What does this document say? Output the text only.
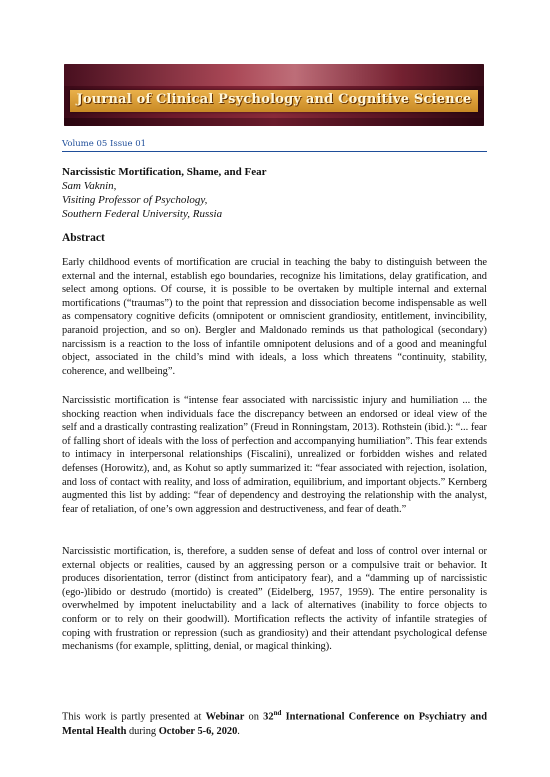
Journal of Clinical Psychology and Cognitive Science
Volume 05 Issue 01
Narcissistic Mortification, Shame, and Fear
Sam Vaknin,
Visiting Professor of Psychology,
Southern Federal University, Russia
Abstract

Early childhood events of mortification are crucial in teaching the baby to distinguish between the external and the internal, establish ego boundaries, recognize his limitations, delay gratification, and select among options. Of course, it is possible to be overtaken by multiple internal and external mortifications (“traumas”) to the point that repression and dissociation become indispensable as well as compensatory cognitive deficits (omnipotent or omniscient grandiosity, entitlement, invincibility, paranoid projection, and so on). Bergler and Maldonado reminds us that pathological (secondary) narcissism is a reaction to the loss of infantile omnipotent delusions and of a good and meaningful object, associated in the child’s mind with ideals, a loss which threatens “continuity, stability, coherence, and wellbeing”.

Narcissistic mortification is “intense fear associated with narcissistic injury and humiliation ... the shocking reaction when individuals face the discrepancy between an endorsed or ideal view of the self and a drastically contrasting realization” (Freud in Ronningstam, 2013). Rothstein (ibid.): “... fear of falling short of ideals with the loss of perfection and accompanying humiliation”. This fear extends to intimacy in interpersonal relationships (Fiscalini), unrealized or forbidden wishes and related defenses (Horowitz), and, as Kohut so aptly summarized it: “fear associated with rejection, isolation, and loss of contact with reality, and loss of admiration, equilibrium, and important objects.” Kernberg augmented this list by adding: “fear of dependency and destroying the relationship with the analyst, fear of retaliation, of one’s own aggression and destructiveness, and fear of death.”

Narcissistic mortification, is, therefore, a sudden sense of defeat and loss of control over internal or external objects or realities, caused by an aggressing person or a compulsive trait or behavior. It produces disorientation, terror (distinct from anticipatory fear), and a “damming up of narcissistic (ego-)libido or destrudo (mortido) is created” (Eidelberg, 1957, 1959). The entire personality is overwhelmed by impotent ineluctability and a lack of alternatives (inability to force objects to conform or to rely on their goodwill). Mortification reflects the activity of infantile strategies of coping with frustration or repression (such as grandiosity) and their attendant psychological defense mechanisms (for example, splitting, denial, or magical thinking).

This work is partly presented at Webinar on 32nd International Conference on Psychiatry and Mental Health during October 5-6, 2020.
